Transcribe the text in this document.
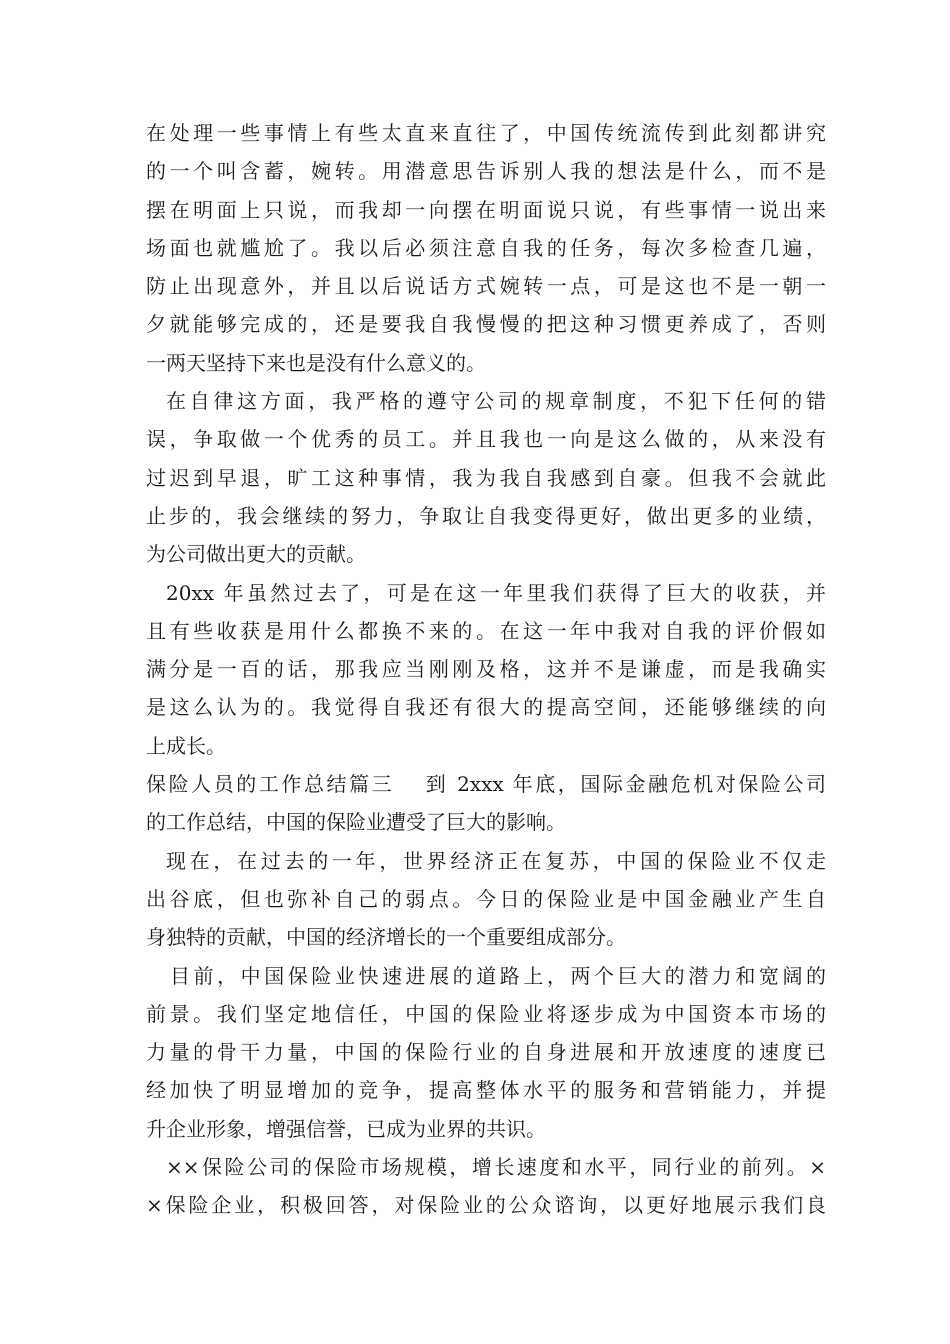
在处理一些事情上有些太直来直往了，中国传统流传到此刻都讲究
的一个叫含蓄，婉转。用潜意思告诉别人我的想法是什么，而不是
摆在明面上只说，而我却一向摆在明面说只说，有些事情一说出来
场面也就尴尬了。我以后必须注意自我的任务，每次多检查几遍，
防止出现意外，并且以后说话方式婉转一点，可是这也不是一朝一
夕就能够完成的，还是要我自我慢慢的把这种习惯更养成了，否则
一两天坚持下来也是没有什么意义的。
在自律这方面，我严格的遵守公司的规章制度，不犯下任何的错
误，争取做一个优秀的员工。并且我也一向是这么做的，从来没有
过迟到早退，旷工这种事情，我为我自我感到自豪。但我不会就此
止步的，我会继续的努力，争取让自我变得更好，做出更多的业绩，
为公司做出更大的贡献。
20xx 年虽然过去了，可是在这一年里我们获得了巨大的收获，并
且有些收获是用什么都换不来的。在这一年中我对自我的评价假如
满分是一百的话，那我应当刚刚及格，这并不是谦虚，而是我确实
是这么认为的。我觉得自我还有很大的提高空间，还能够继续的向
上成长。
保险人员的工作总结篇三　 到 2xxx 年底，国际金融危机对保险公司
的工作总结，中国的保险业遭受了巨大的影响。
现在，在过去的一年，世界经济正在复苏，中国的保险业不仅走
出谷底，但也弥补自己的弱点。今日的保险业是中国金融业产生自
身独特的贡献，中国的经济增长的一个重要组成部分。
目前，中国保险业快速进展的道路上，两个巨大的潜力和宽阔的
前景。我们坚定地信任，中国的保险业将逐步成为中国资本市场的
力量的骨干力量，中国的保险行业的自身进展和开放速度的速度已
经加快了明显增加的竞争，提高整体水平的服务和营销能力，并提
升企业形象，增强信誉，已成为业界的共识。
××保险公司的保险市场规模，增长速度和水平，同行业的前列。×
×保险企业，积极回答，对保险业的公众谘询，以更好地展示我们良
